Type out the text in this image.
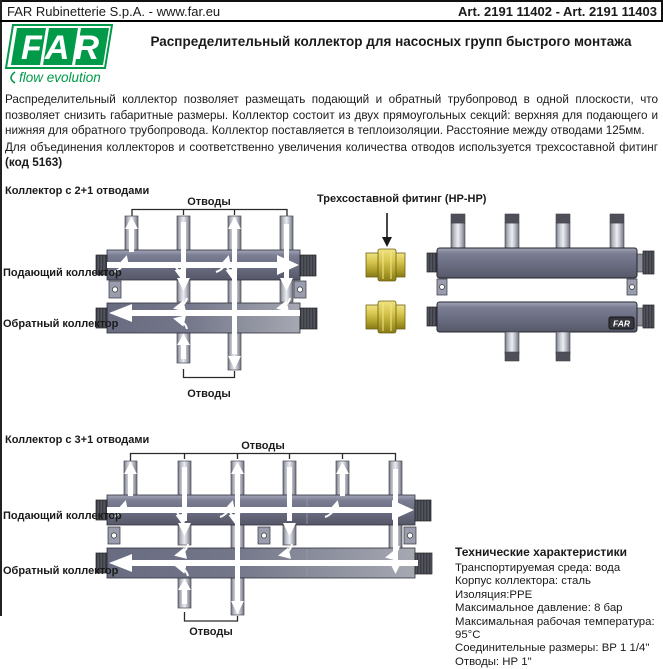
FAR Rubinetterie S.p.A. - www.far.eu	Art. 2191 11402 - Art. 2191 11403
FAR
flow evolution
Распределительный коллектор для насосных групп быстрого монтажа

Распределительный коллектор позволяет размещать подающий и обратный трубопровод в одной плоскости, что позволяет снизить габаритные размеры. Коллектор состоит из двух прямоугольных секций: верхняя для подающего и нижняя для обратного трубопровода. Коллектор поставляется в теплоизоляции. Расстояние между отводами 125мм.

Для объединения коллекторов и соответственно увеличения количества отводов используется трехсоставной фитинг (код 5163)

FAR
Коллектор с 2+1 отводами
Отводы	Трехсоставной фитинг (НР-НР)
Подающий коллектор
Обратный коллектор
Отводы
Коллектор с 3+1 отводами	Отводы
Подающий коллектор
Обратный коллектор
Отводы
Технические характеристики
Транспортируемая среда: вода
Корпус коллектора: сталь
Изоляция:PPE
Максимальное давление: 8 бар
Максимальная рабочая температура: 95°C
Соединительные размеры: ВР 1 1/4"
Отводы: НР 1"
